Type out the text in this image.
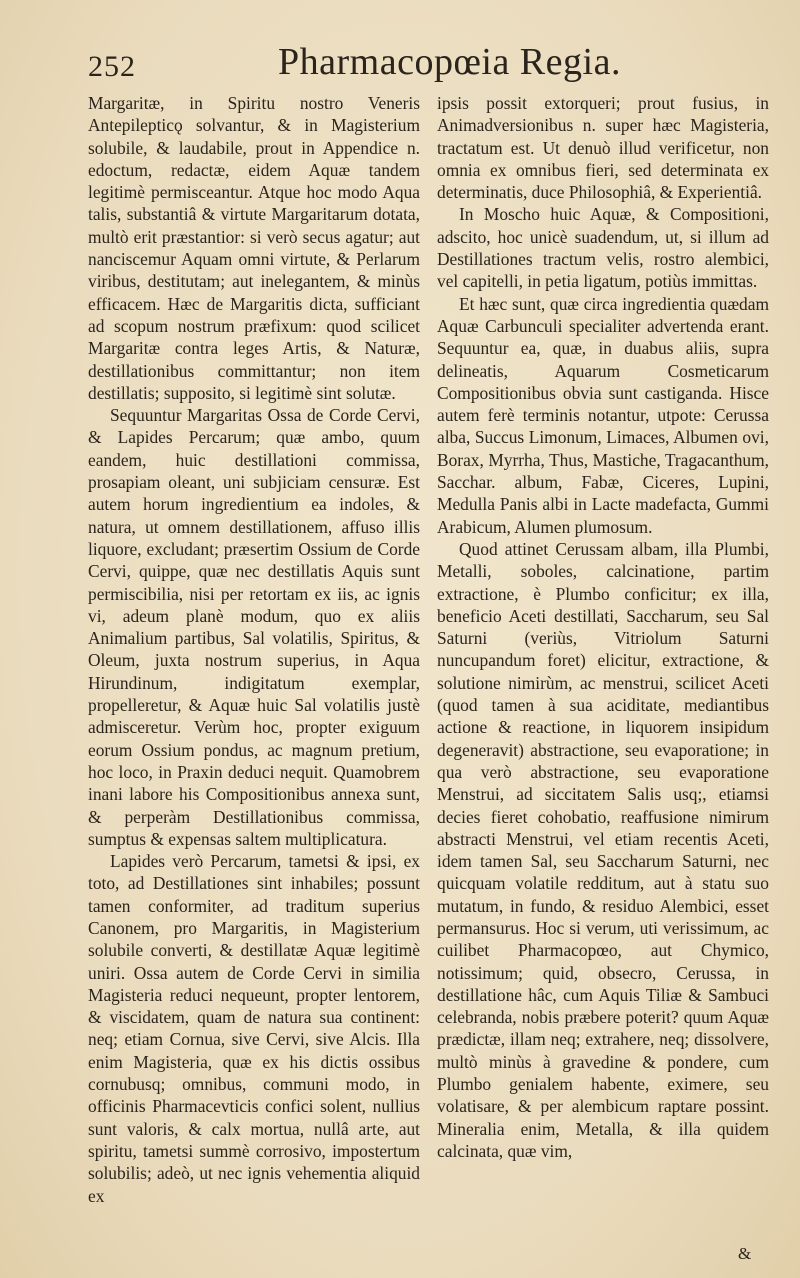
252	Pharmacopœia Regia.

Margaritæ, in Spiritu nostro Veneris Antepilepticǫ solvantur, & in Magisterium solubile, & laudabile, prout in Appendice n. edoctum, redactæ, eidem Aquæ tandem legitimè permisceantur. Atque hoc modo Aqua talis, substantiâ & virtute Margaritarum dotata, multò erit præstantior: si verò secus agatur; aut nanciscemur Aquam omni virtute, & Perlarum viribus, destitutam; aut inelegantem, & minùs efficacem. Hæc de Margaritis dicta, sufficiant ad scopum nostrum præfixum: quod scilicet Margaritæ contra leges Artis, & Naturæ, destillationibus committantur; non item destillatis; supposito, si legitimè sint solutæ.

Sequuntur Margaritas Ossa de Corde Cervi, & Lapides Percarum; quæ ambo, quum eandem, huic destillationi commissa, prosapiam oleant, uni subjiciam censuræ. Est autem horum ingredientium ea indoles, & natura, ut omnem destillationem, affuso illis liquore, excludant; præsertim Ossium de Corde Cervi, quippe, quæ nec destillatis Aquis sunt permiscibilia, nisi per retortam ex iis, ac ignis vi, adeum planè modum, quo ex aliis Animalium partibus, Sal volatilis, Spiritus, & Oleum, juxta nostrum superius, in Aqua Hirundinum, indigitatum exemplar, propelleretur, & Aquæ huic Sal volatilis justè admisceretur. Verùm hoc, propter exiguum eorum Ossium pondus, ac magnum pretium, hoc loco, in Praxin deduci nequit. Quamobrem inani labore his Compositionibus annexa sunt, & perperàm Destillationibus commissa, sumptus & expensas saltem multiplicatura.

Lapides verò Percarum, tametsi & ipsi, ex toto, ad Destillationes sint inhabiles; possunt tamen conformiter, ad traditum superius Canonem, pro Margaritis, in Magisterium solubile converti, & destillatæ Aquæ legitimè uniri. Ossa autem de Corde Cervi in similia Magisteria reduci nequeunt, propter lentorem, & viscidatem, quam de natura sua continent: neq; etiam Cornua, sive Cervi, sive Alcis. Illa enim Magisteria, quæ ex his dictis ossibus cornubusq; omnibus, communi modo, in officinis Pharmacevticis confici solent, nullius sunt valoris, & calx mortua, nullâ arte, aut spiritu, tametsi summè corrosivo, impostertum solubilis; adeò, ut nec ignis vehementia aliquid ex

ipsis possit extorqueri; prout fusius, in Animadversionibus n. super hæc Magisteria, tractatum est. Ut denuò illud verificetur, non omnia ex omnibus fieri, sed determinata ex determinatis, duce Philosophiâ, & Experientiâ.

In Moscho huic Aquæ, & Compositioni, adscito, hoc unicè suadendum, ut, si illum ad Destillationes tractum velis, rostro alembici, vel capitelli, in petia ligatum, potiùs immittas.

Et hæc sunt, quæ circa ingredientia quædam Aquæ Carbunculi specialiter advertenda erant. Sequuntur ea, quæ, in duabus aliis, supra delineatis, Aquarum Cosmeticarum Compositionibus obvia sunt castiganda. Hisce autem ferè terminis notantur, utpote: Cerussa alba, Succus Limonum, Limaces, Albumen ovi, Borax, Myrrha, Thus, Mastiche, Tragacanthum, Sacchar. album, Fabæ, Ciceres, Lupini, Medulla Panis albi in Lacte madefacta, Gummi Arabicum, Alumen plumosum.

Quod attinet Cerussam albam, illa Plumbi, Metalli, soboles, calcinatione, partim extractione, è Plumbo conficitur; ex illa, beneficio Aceti destillati, Saccharum, seu Sal Saturni (veriùs, Vitriolum Saturni nuncupandum foret) elicitur, extractione, & solutione nimirùm, ac menstrui, scilicet Aceti (quod tamen à sua aciditate, mediantibus actione & reactione, in liquorem insipidum degeneravit) abstractione, seu evaporatione; in qua verò abstractione, seu evaporatione Menstrui, ad siccitatem Salis usq;, etiamsi decies fieret cohobatio, reaffusione nimirum abstracti Menstrui, vel etiam recentis Aceti, idem tamen Sal, seu Saccharum Saturni, nec quicquam volatile redditum, aut à statu suo mutatum, in fundo, & residuo Alembici, esset permansurus. Hoc si verum, uti verissimum, ac cuilibet Pharmacopœo, aut Chymico, notissimum; quid, obsecro, Cerussa, in destillatione hâc, cum Aquis Tiliæ & Sambuci celebranda, nobis præbere poterit? quum Aquæ prædictæ, illam neq; extrahere, neq; dissolvere, multò minùs à gravedine & pondere, cum Plumbo genialem habente, eximere, seu volatisare, & per alembicum raptare possint. Mineralia enim, Metalla, & illa quidem calcinata, quæ vim,

&
